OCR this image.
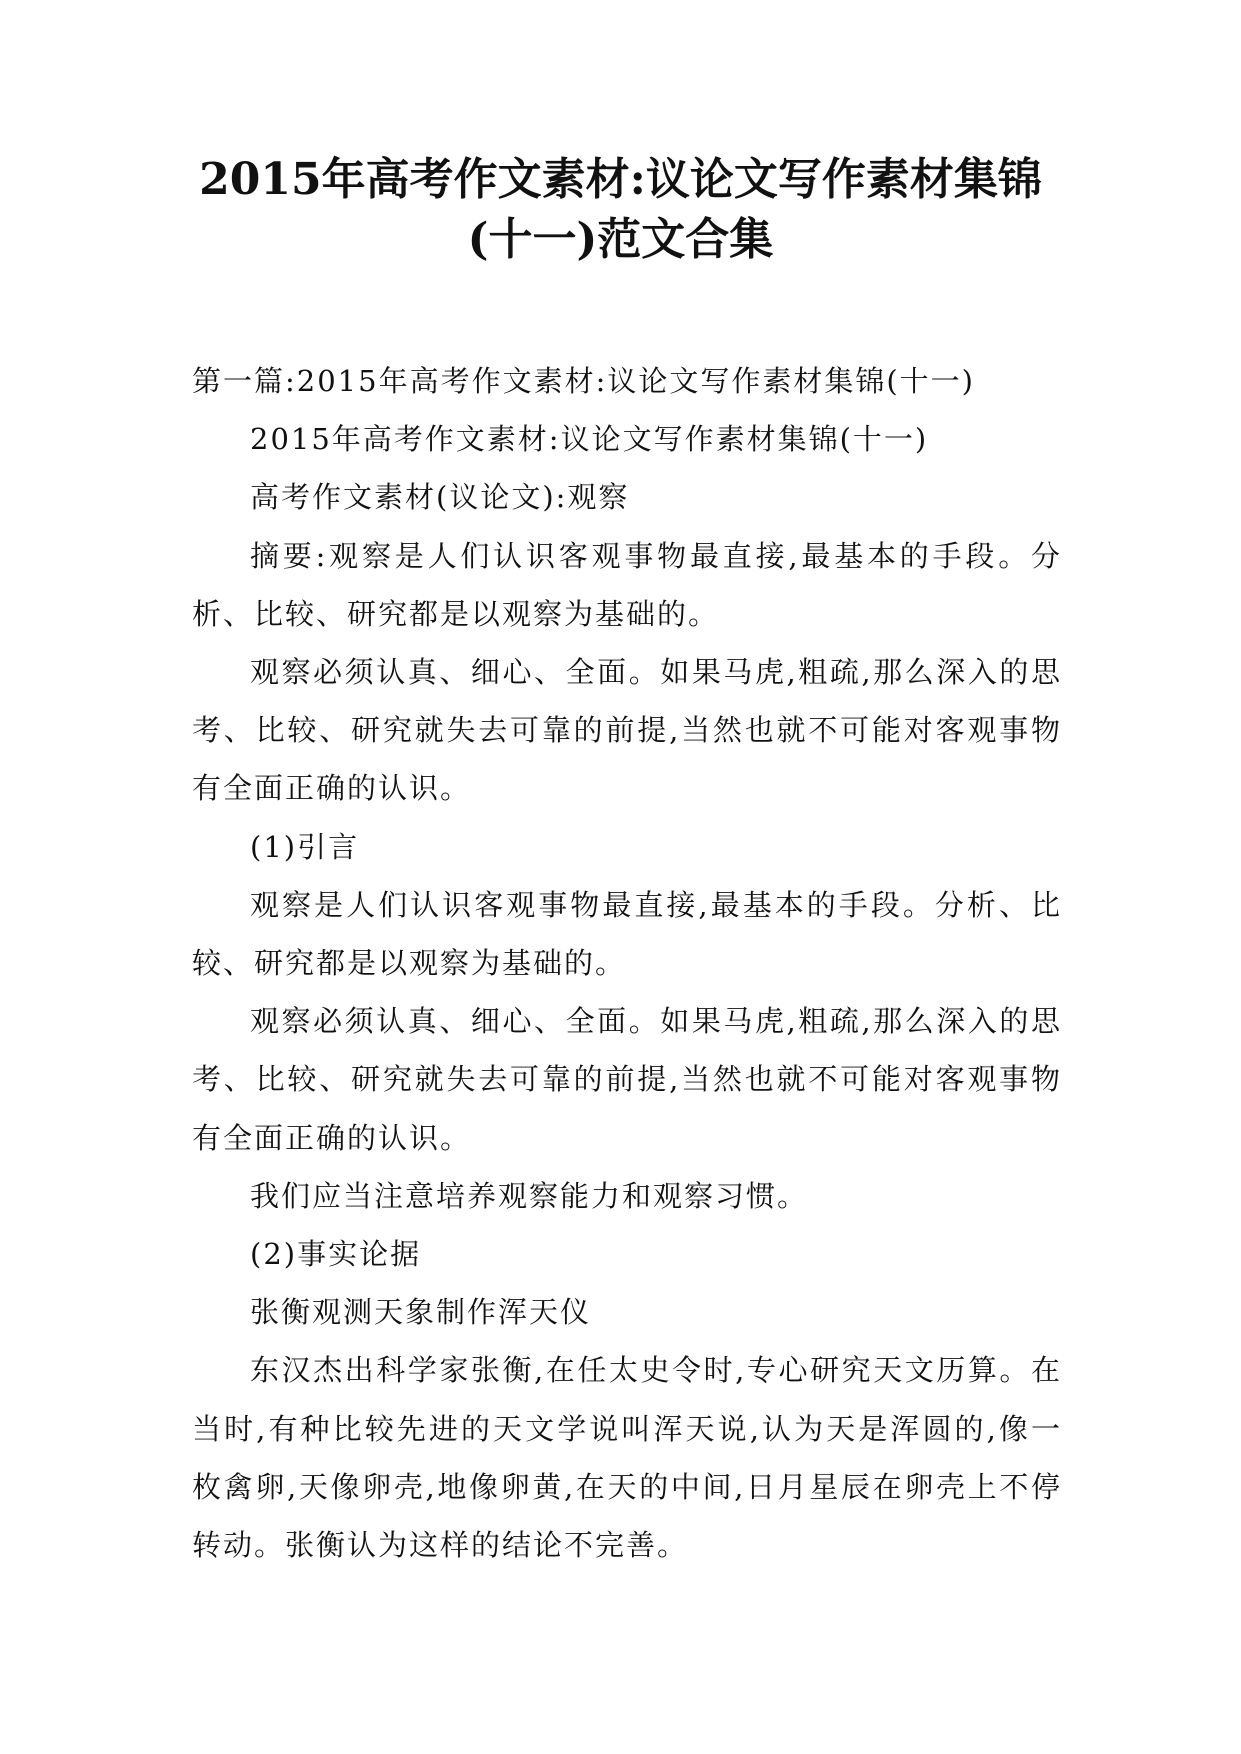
2015年高考作文素材:议论文写作素材集锦
(十一)范文合集

第一篇:2015年高考作文素材:议论文写作素材集锦(十一)

2015年高考作文素材:议论文写作素材集锦(十一)

高考作文素材(议论文):观察

摘要:观察是人们认识客观事物最直接,最基本的手段。分析、比较、研究都是以观察为基础的。

观察必须认真、细心、全面。如果马虎,粗疏,那么深入的思考、比较、研究就失去可靠的前提,当然也就不可能对客观事物有全面正确的认识。

(1)引言

观察是人们认识客观事物最直接,最基本的手段。分析、比较、研究都是以观察为基础的。

观察必须认真、细心、全面。如果马虎,粗疏,那么深入的思考、比较、研究就失去可靠的前提,当然也就不可能对客观事物有全面正确的认识。

我们应当注意培养观察能力和观察习惯。

(2)事实论据

张衡观测天象制作浑天仪

东汉杰出科学家张衡,在任太史令时,专心研究天文历算。在当时,有种比较先进的天文学说叫浑天说,认为天是浑圆的,像一枚禽卵,天像卵壳,地像卵黄,在天的中间,日月星辰在卵壳上不停转动。张衡认为这样的结论不完善。
